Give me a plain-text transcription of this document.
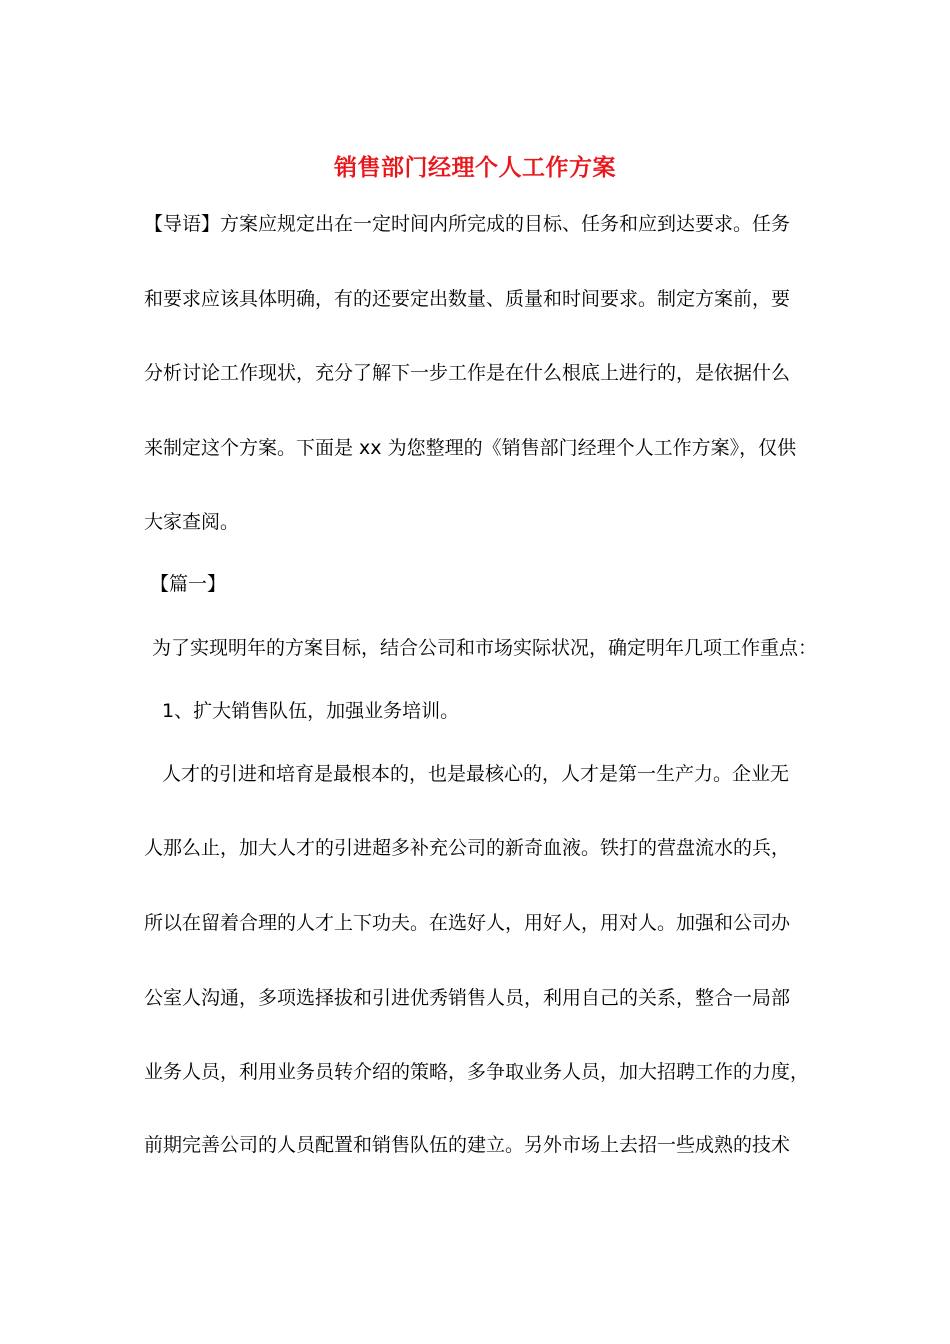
销售部门经理个人工作方案
【导语】方案应规定出在一定时间内所完成的目标、任务和应到达要求。任务
和要求应该具体明确，有的还要定出数量、质量和时间要求。制定方案前，要
分析讨论工作现状，充分了解下一步工作是在什么根底上进行的，是依据什么
来制定这个方案。下面是 xx 为您整理的《销售部门经理个人工作方案》，仅供
大家查阅。
【篇一】
为了实现明年的方案目标，结合公司和市场实际状况，确定明年几项工作重点：
1、扩大销售队伍，加强业务培训。
人才的引进和培育是最根本的，也是最核心的，人才是第一生产力。企业无
人那么止，加大人才的引进超多补充公司的新奇血液。铁打的营盘流水的兵，
所以在留着合理的人才上下功夫。在选好人，用好人，用对人。加强和公司办
公室人沟通，多项选择拔和引进优秀销售人员，利用自己的关系，整合一局部
业务人员，利用业务员转介绍的策略，多争取业务人员，加大招聘工作的力度，
前期完善公司的人员配置和销售队伍的建立。另外市场上去招一些成熟的技术
